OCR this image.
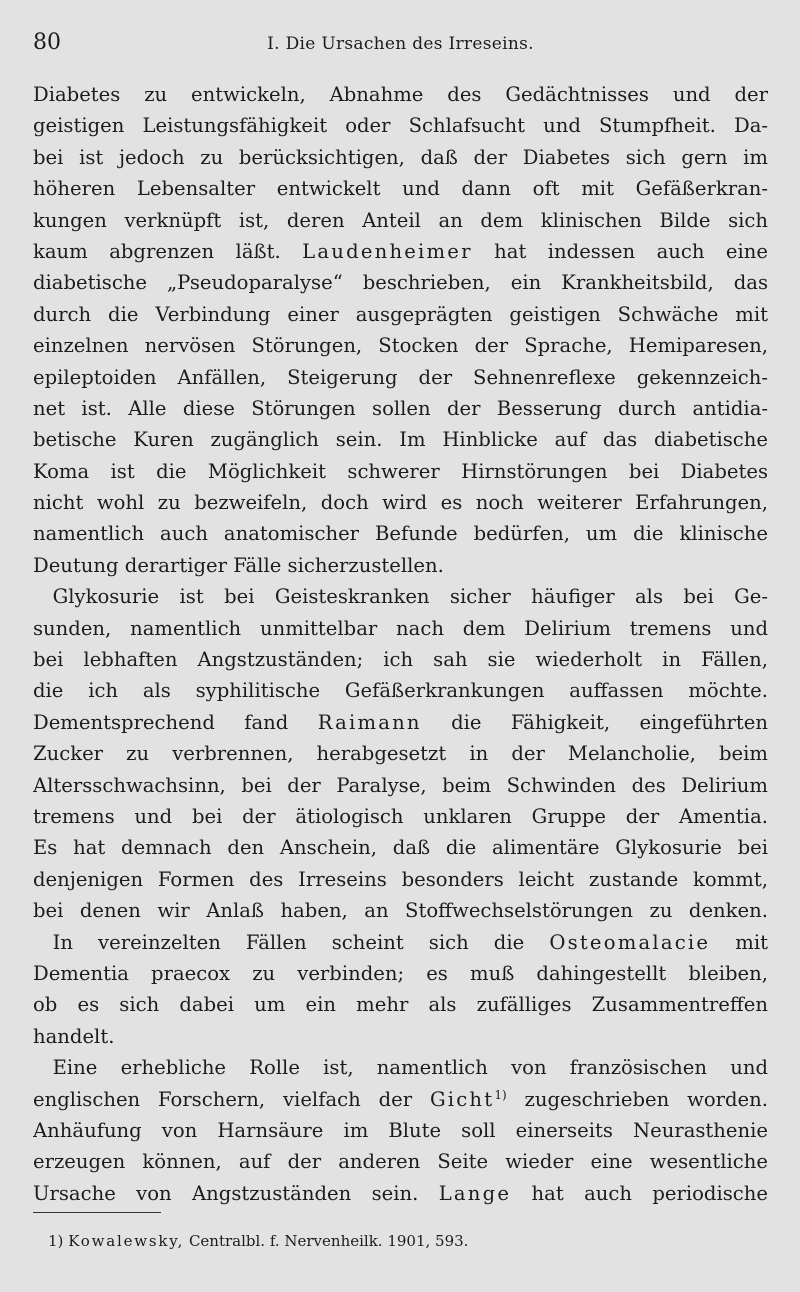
80	I. Die Ursachen des Irreseins.
Diabetes zu entwickeln, Abnahme des Gedächtnisses und der
geistigen Leistungsfähigkeit oder Schlafsucht und Stumpfheit. Da-
bei ist jedoch zu berücksichtigen, daß der Diabetes sich gern im
höheren Lebensalter entwickelt und dann oft mit Gefäßerkran-
kungen verknüpft ist, deren Anteil an dem klinischen Bilde sich
kaum abgrenzen läßt. Laudenheimer hat indessen auch eine
diabetische „Pseudoparalyse“ beschrieben, ein Krankheitsbild, das
durch die Verbindung einer ausgeprägten geistigen Schwäche mit
einzelnen nervösen Störungen, Stocken der Sprache, Hemiparesen,
epileptoiden Anfällen, Steigerung der Sehnenreflexe gekennzeich-
net ist. Alle diese Störungen sollen der Besserung durch antidia-
betische Kuren zugänglich sein. Im Hinblicke auf das diabetische
Koma ist die Möglichkeit schwerer Hirnstörungen bei Diabetes
nicht wohl zu bezweifeln, doch wird es noch weiterer Erfahrungen,
namentlich auch anatomischer Befunde bedürfen, um die klinische
Deutung derartiger Fälle sicherzustellen.
 Glykosurie ist bei Geisteskranken sicher häufiger als bei Ge-
sunden, namentlich unmittelbar nach dem Delirium tremens und
bei lebhaften Angstzuständen; ich sah sie wiederholt in Fällen,
die ich als syphilitische Gefäßerkrankungen auffassen möchte.
Dementsprechend fand Raimann die Fähigkeit, eingeführten
Zucker zu verbrennen, herabgesetzt in der Melancholie, beim
Altersschwachsinn, bei der Paralyse, beim Schwinden des Delirium
tremens und bei der ätiologisch unklaren Gruppe der Amentia.
Es hat demnach den Anschein, daß die alimentäre Glykosurie bei
denjenigen Formen des Irreseins besonders leicht zustande kommt,
bei denen wir Anlaß haben, an Stoffwechselstörungen zu denken.
 In vereinzelten Fällen scheint sich die Osteomalacie mit
Dementia praecox zu verbinden; es muß dahingestellt bleiben,
ob es sich dabei um ein mehr als zufälliges Zusammentreffen
handelt.
 Eine erhebliche Rolle ist, namentlich von französischen und
englischen Forschern, vielfach der Gicht$^{1)}$ zugeschrieben worden.
Anhäufung von Harnsäure im Blute soll einerseits Neurasthenie
erzeugen können, auf der anderen Seite wieder eine wesentliche
Ursache von Angstzuständen sein. Lange hat auch periodische
1) Kowalewsky, Centralbl. f. Nervenheilk. 1901, 593.
